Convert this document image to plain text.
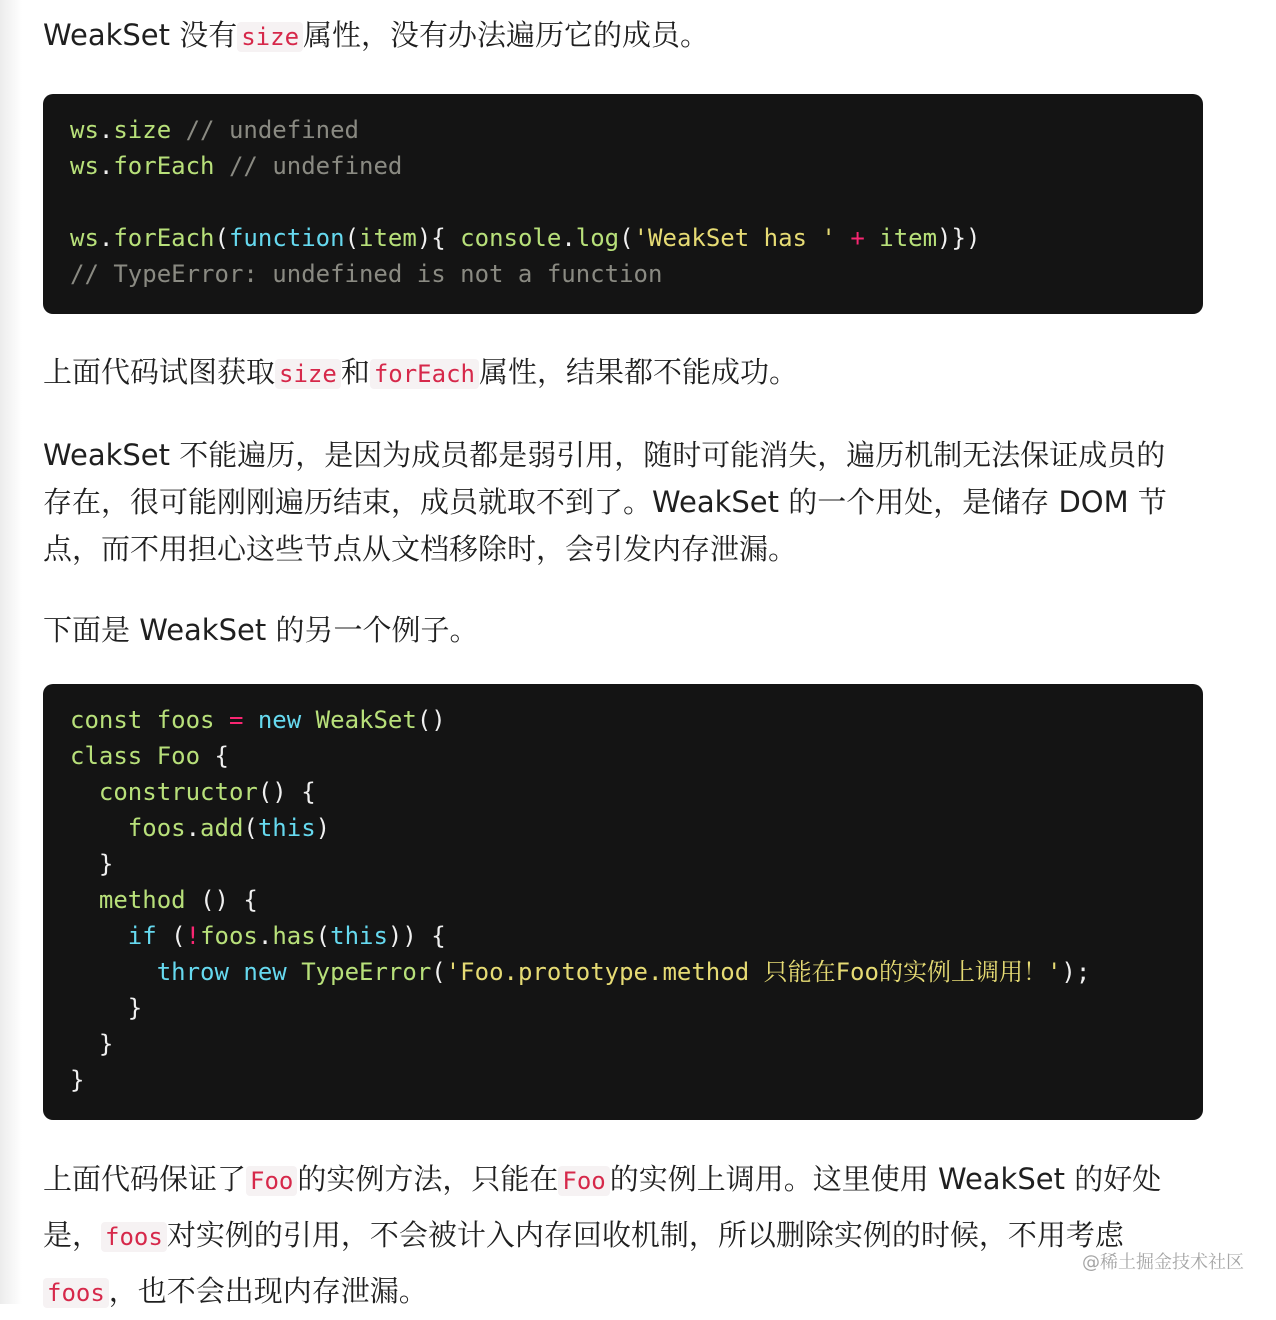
WeakSet 没有 size 属性，没有办法遍历它的成员。

ws.size // undefined
ws.forEach // undefined
ws.forEach(function(item){ console.log('WeakSet has ' + item)})
// TypeError: undefined is not a function

上面代码试图获取 size 和 forEach 属性，结果都不能成功。

WeakSet 不能遍历，是因为成员都是弱引用，随时可能消失，遍历机制无法保证成员的存在，很可能刚刚遍历结束，成员就取不到了。WeakSet 的一个用处，是储存 DOM 节点，而不用担心这些节点从文档移除时，会引发内存泄漏。

下面是 WeakSet 的另一个例子。

const foos = new WeakSet()
class Foo {
constructor() {
foos.add(this)
}
method () {
if (!foos.has(this)) {
throw new TypeError('Foo.prototype.method 只能在Foo的实例上调用！');
}
}
}

上面代码保证了 Foo 的实例方法，只能在 Foo 的实例上调用。这里使用 WeakSet 的好处是， foos 对实例的引用，不会被计入内存回收机制，所以删除实例的时候，不用考虑foos ，也不会出现内存泄漏。

@稀土掘金技术社区
